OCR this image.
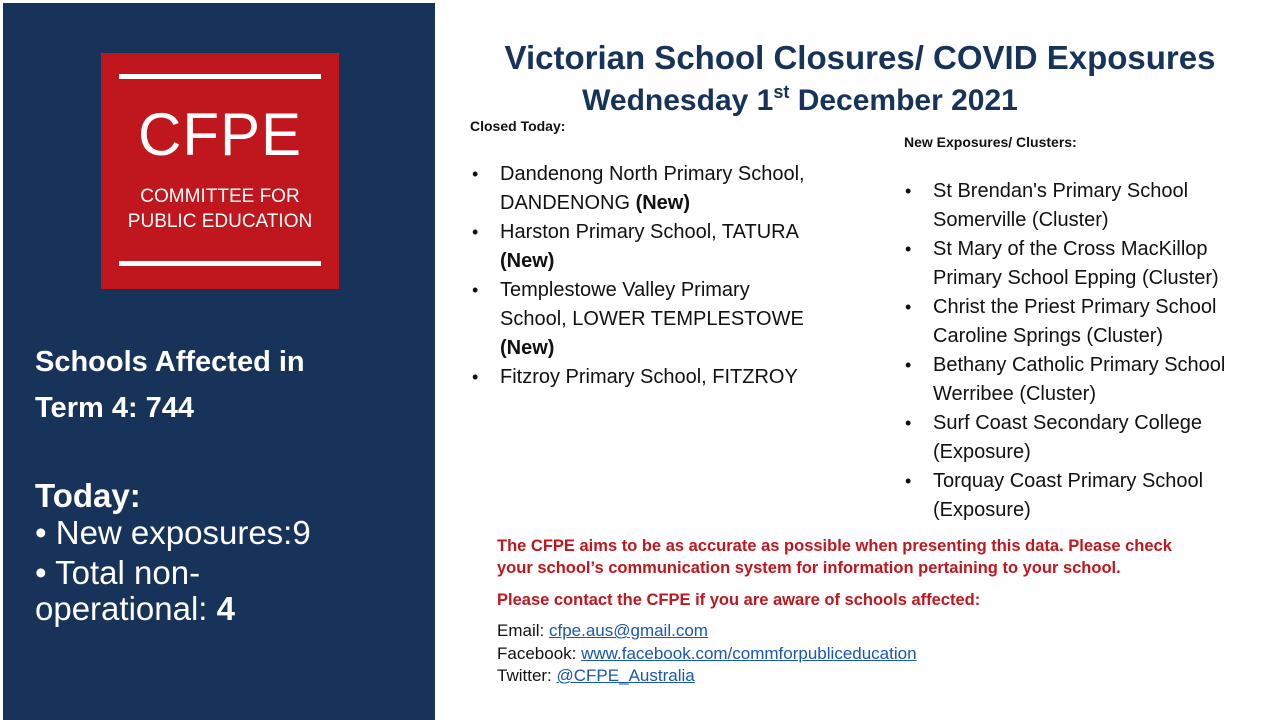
CFPE
COMMITTEE FOR
PUBLIC EDUCATION
Schools Affected in
Term 4: 744
Today:
• New exposures:9
• Total non-
operational: 4
Victorian School Closures/ COVID Exposures
Wednesday 1st December 2021
Closed Today:
• Dandenong North Primary School,
DANDENONG (New)
• Harston Primary School, TATURA
(New)
• Templestowe Valley Primary
School, LOWER TEMPLESTOWE
(New)
• Fitzroy Primary School, FITZROY
New Exposures/ Clusters:
• St Brendan's Primary School
Somerville (Cluster)
• St Mary of the Cross MacKillop
Primary School Epping (Cluster)
• Christ the Priest Primary School
Caroline Springs (Cluster)
• Bethany Catholic Primary School
Werribee (Cluster)
• Surf Coast Secondary College
(Exposure)
• Torquay Coast Primary School
(Exposure)
The CFPE aims to be as accurate as possible when presenting this data. Please check
your school’s communication system for information pertaining to your school.
Please contact the CFPE if you are aware of schools affected:
Email: cfpe.aus@gmail.com
Facebook: www.facebook.com/commforpubliceducation
Twitter: @CFPE_Australia
